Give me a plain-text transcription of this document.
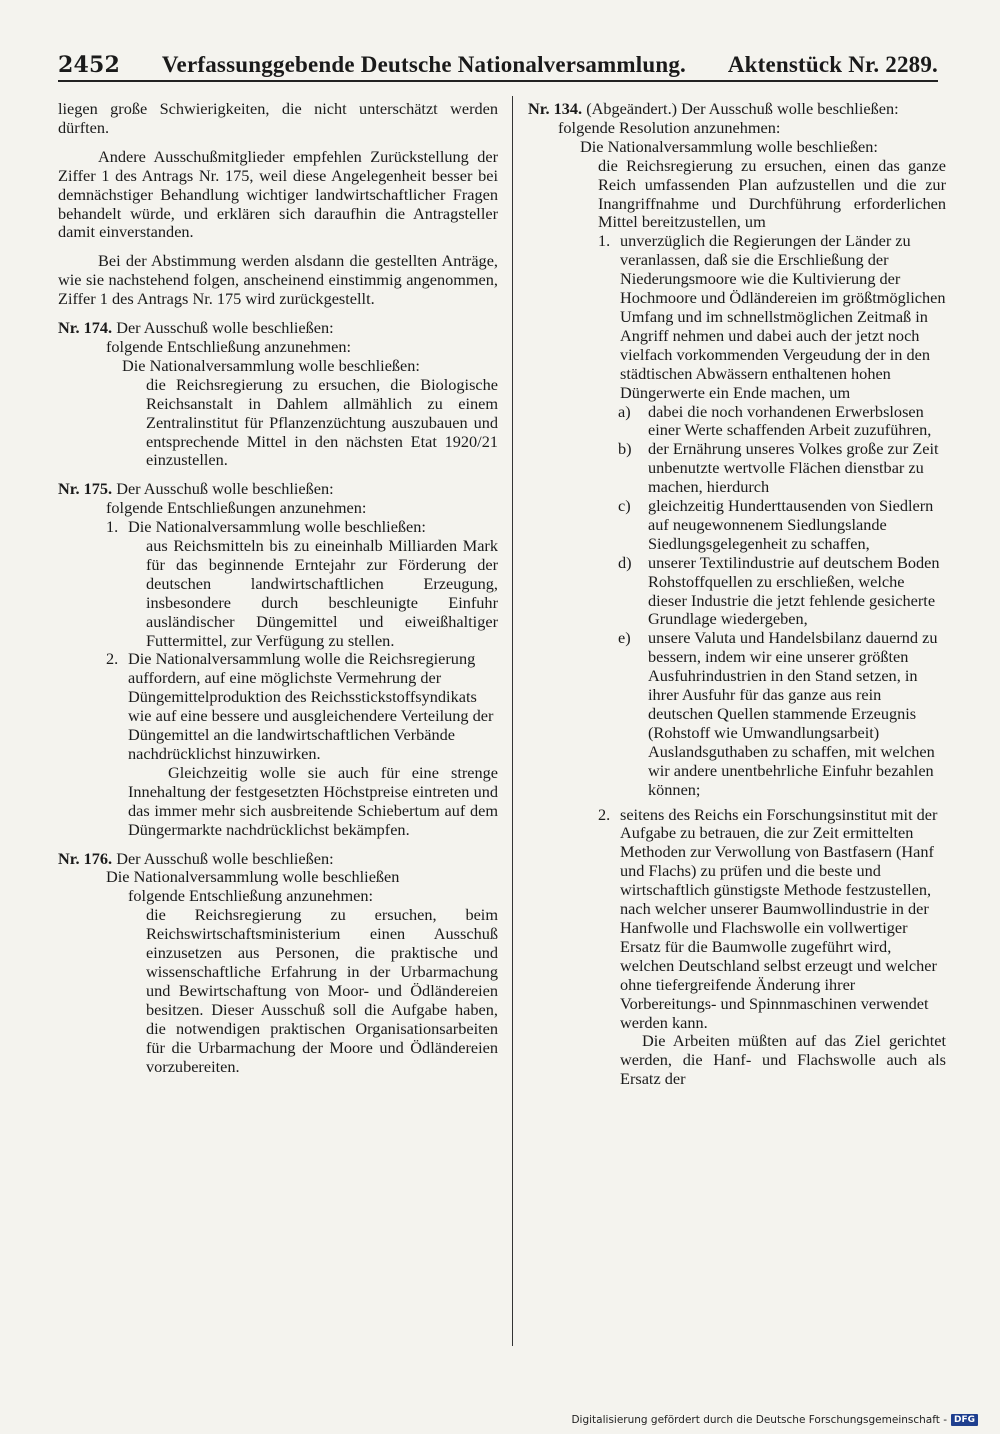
2452 Verfassunggebende Deutsche Nationalversammlung. Aktenstück Nr. 2289.

liegen große Schwierigkeiten, die nicht unterschätzt werden dürften.

Andere Ausschußmitglieder empfehlen Zurückstellung der Ziffer 1 des Antrags Nr. 175, weil diese Angelegenheit besser bei demnächstiger Behandlung wichtiger landwirtschaftlicher Fragen behandelt würde, und erklären sich daraufhin die Antragsteller damit einverstanden.

Bei der Abstimmung werden alsdann die gestellten Anträge, wie sie nachstehend folgen, anscheinend einstimmig angenommen, Ziffer 1 des Antrags Nr. 175 wird zurückgestellt.

Nr. 174. Der Ausschuß wolle beschließen:

folgende Entschließung anzunehmen:

Die Nationalversammlung wolle beschließen:

die Reichsregierung zu ersuchen, die Biologische Reichsanstalt in Dahlem allmählich zu einem Zentralinstitut für Pflanzenzüchtung auszubauen und entsprechende Mittel in den nächsten Etat 1920/21 einzustellen.

Nr. 175. Der Ausschuß wolle beschließen:

folgende Entschließungen anzunehmen:

1. Die Nationalversammlung wolle beschließen:

aus Reichsmitteln bis zu eineinhalb Milliarden Mark für das beginnende Erntejahr zur Förderung der deutschen landwirtschaftlichen Erzeugung, insbesondere durch beschleunigte Einfuhr ausländischer Düngemittel und eiweißhaltiger Futtermittel, zur Verfügung zu stellen.

2. Die Nationalversammlung wolle die Reichsregierung auffordern, auf eine möglichste Vermehrung der Düngemittelproduktion des Reichsstickstoffsyndikats wie auf eine bessere und ausgleichendere Verteilung der Düngemittel an die landwirtschaftlichen Verbände nachdrücklichst hinzuwirken.

Gleichzeitig wolle sie auch für eine strenge Innehaltung der festgesetzten Höchstpreise eintreten und das immer mehr sich ausbreitende Schiebertum auf dem Düngermarkte nachdrücklichst bekämpfen.

Nr. 176. Der Ausschuß wolle beschließen:

Die Nationalversammlung wolle beschließen

folgende Entschließung anzunehmen:

die Reichsregierung zu ersuchen, beim Reichswirtschaftsministerium einen Ausschuß einzusetzen aus Personen, die praktische und wissenschaftliche Erfahrung in der Urbarmachung und Bewirtschaftung von Moor- und Ödländereien besitzen. Dieser Ausschuß soll die Aufgabe haben, die notwendigen praktischen Organisationsarbeiten für die Urbarmachung der Moore und Ödländereien vorzubereiten.

Nr. 134. (Abgeändert.) Der Ausschuß wolle beschließen:

folgende Resolution anzunehmen:

Die Nationalversammlung wolle beschließen:

die Reichsregierung zu ersuchen, einen das ganze Reich umfassenden Plan aufzustellen und die zur Inangriffnahme und Durchführung erforderlichen Mittel bereitzustellen, um

1. unverzüglich die Regierungen der Länder zu veranlassen, daß sie die Erschließung der Niederungsmoore wie die Kultivierung der Hochmoore und Ödländereien im größtmöglichen Umfang und im schnellstmöglichen Zeitmaß in Angriff nehmen und dabei auch der jetzt noch vielfach vorkommenden Vergeudung der in den städtischen Abwässern enthaltenen hohen Düngerwerte ein Ende machen, um
a)	dabei die noch vorhandenen Erwerbslosen einer Werte schaffenden Arbeit zuzuführen,
b)	der Ernährung unseres Volkes große zur Zeit unbenutzte wertvolle Flächen dienstbar zu machen, hierdurch
c)	gleichzeitig Hunderttausenden von Siedlern auf neugewonnenem Siedlungslande Siedlungsgelegenheit zu schaffen,
d)	unserer Textilindustrie auf deutschem Boden Rohstoffquellen zu erschließen, welche dieser Industrie die jetzt fehlende gesicherte Grundlage wiedergeben,
e)	unsere Valuta und Handelsbilanz dauernd zu bessern, indem wir eine unserer größten Ausfuhrindustrien in den Stand setzen, in ihrer Ausfuhr für das ganze aus rein deutschen Quellen stammende Erzeugnis (Rohstoff wie Umwandlungsarbeit) Auslandsguthaben zu schaffen, mit welchen wir andere unentbehrliche Einfuhr bezahlen können;
2. seitens des Reichs ein Forschungsinstitut mit der Aufgabe zu betrauen, die zur Zeit ermittelten Methoden zur Verwollung von Bastfasern (Hanf und Flachs) zu prüfen und die beste und wirtschaftlich günstigste Methode festzustellen, nach welcher unserer Baumwollindustrie in der Hanfwolle und Flachswolle ein vollwertiger Ersatz für die Baumwolle zugeführt wird, welchen Deutschland selbst erzeugt und welcher ohne tiefergreifende Änderung ihrer Vorbereitungs- und Spinnmaschinen verwendet werden kann.

Die Arbeiten müßten auf das Ziel gerichtet werden, die Hanf- und Flachswolle auch als Ersatz der

Digitalisierung gefördert durch die Deutsche Forschungsgemeinschaft - DFG
